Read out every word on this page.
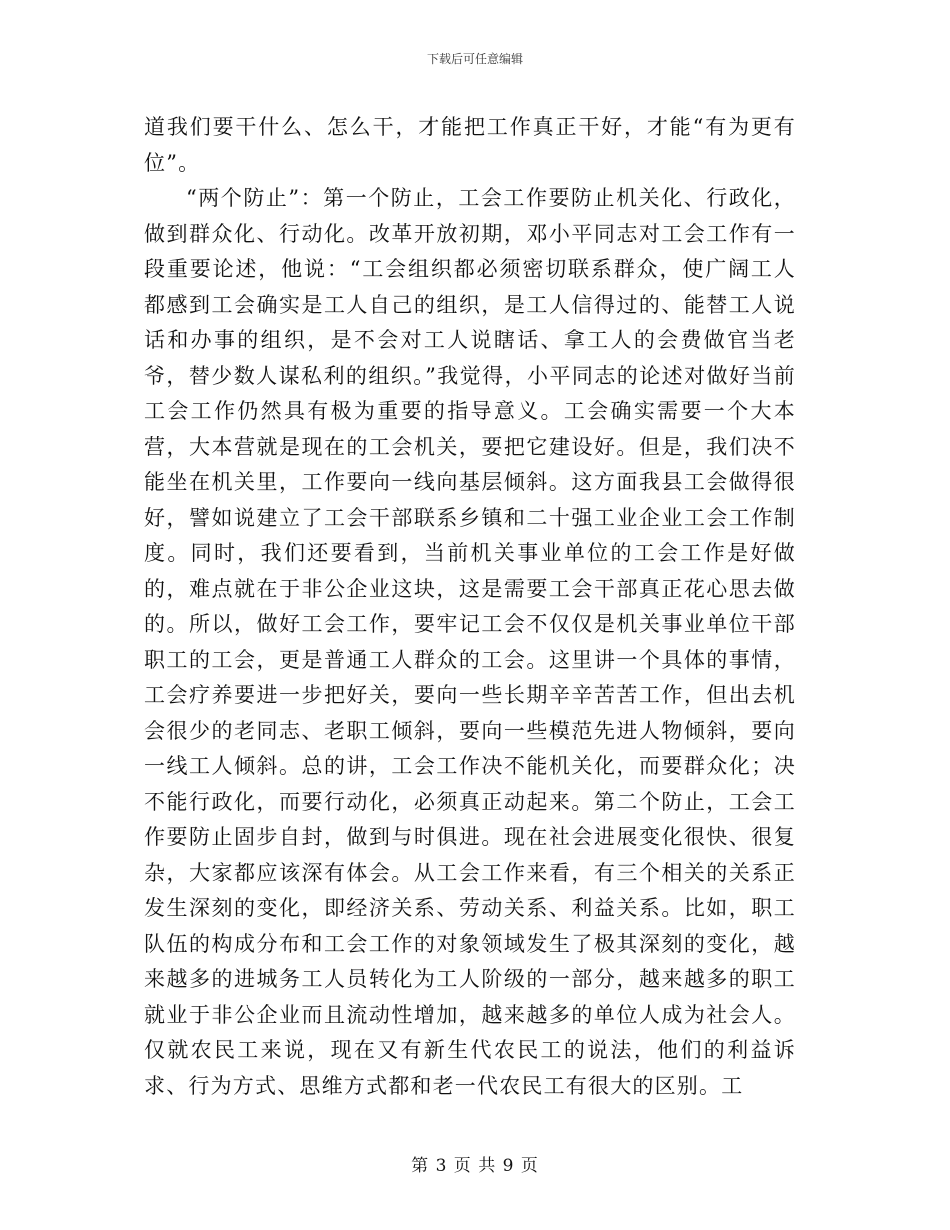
下载后可任意编辑

道我们要干什么、怎么干，才能把工作真正干好，才能“有为更有位”。

“两个防止”：第一个防止，工会工作要防止机关化、行政化，做到群众化、行动化。改革开放初期，邓小平同志对工会工作有一段重要论述，他说：“工会组织都必须密切联系群众，使广阔工人都感到工会确实是工人自己的组织，是工人信得过的、能替工人说话和办事的组织，是不会对工人说瞎话、拿工人的会费做官当老爷，替少数人谋私利的组织。”我觉得，小平同志的论述对做好当前工会工作仍然具有极为重要的指导意义。工会确实需要一个大本营，大本营就是现在的工会机关，要把它建设好。但是，我们决不能坐在机关里，工作要向一线向基层倾斜。这方面我县工会做得很好，譬如说建立了工会干部联系乡镇和二十强工业企业工会工作制度。同时，我们还要看到，当前机关事业单位的工会工作是好做的，难点就在于非公企业这块，这是需要工会干部真正花心思去做的。所以，做好工会工作，要牢记工会不仅仅是机关事业单位干部职工的工会，更是普通工人群众的工会。这里讲一个具体的事情，工会疗养要进一步把好关，要向一些长期辛辛苦苦工作，但出去机会很少的老同志、老职工倾斜，要向一些模范先进人物倾斜，要向一线工人倾斜。总的讲，工会工作决不能机关化，而要群众化；决不能行政化，而要行动化，必须真正动起来。第二个防止，工会工作要防止固步自封，做到与时俱进。现在社会进展变化很快、很复杂，大家都应该深有体会。从工会工作来看，有三个相关的关系正发生深刻的变化，即经济关系、劳动关系、利益关系。比如，职工队伍的构成分布和工会工作的对象领域发生了极其深刻的变化，越来越多的进城务工人员转化为工人阶级的一部分，越来越多的职工就业于非公企业而且流动性增加，越来越多的单位人成为社会人。仅就农民工来说，现在又有新生代农民工的说法，他们的利益诉求、行为方式、思维方式都和老一代农民工有很大的区别。工

第 3 页 共 9 页
